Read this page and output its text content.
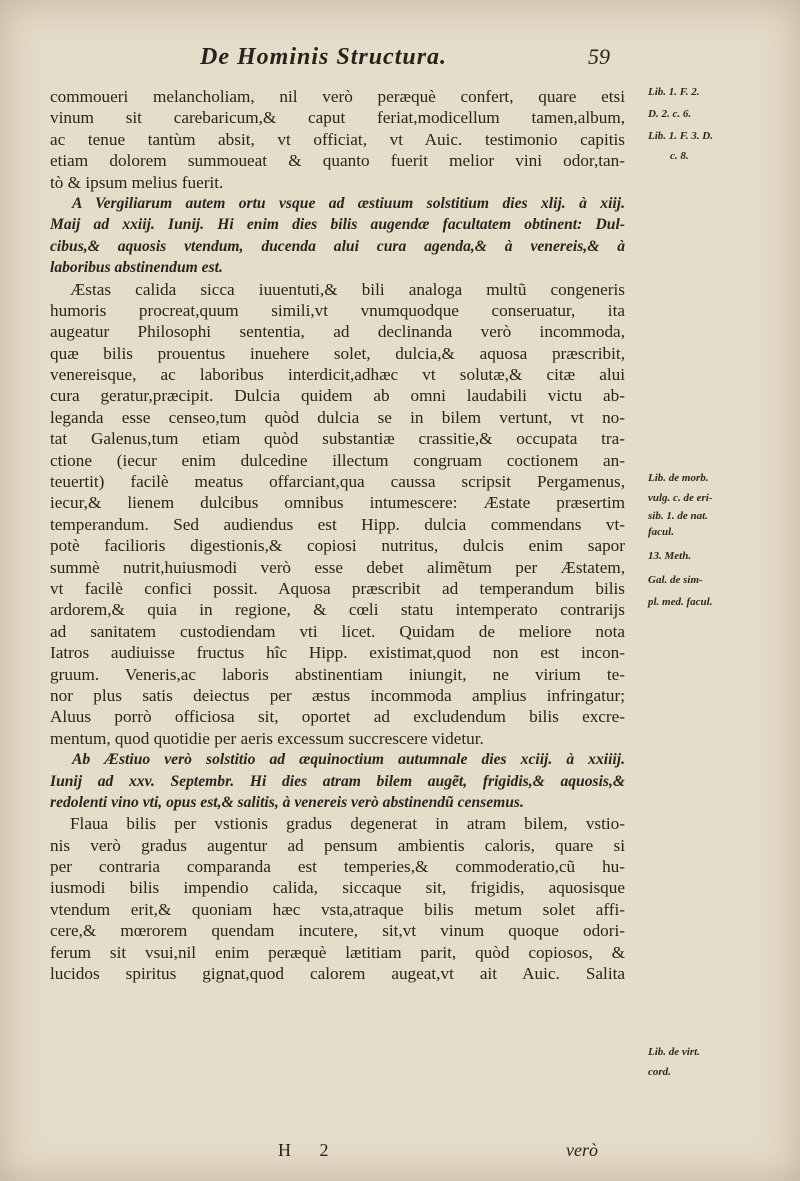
De Hominis Structura.	59
commoueri melancholiam, nil verò peræquè confert, quare etsi
vinum sit carebaricum,& caput feriat,modicellum tamen,album,
ac tenue tantùm absit, vt officiat, vt Auic. testimonio capitis
etiam dolorem summoueat & quanto fuerit melior vini odor,tan-
tò & ipsum melius fuerit.
A Vergiliarum autem ortu vsque ad æstiuum solstitium dies xlij. à xiij.
Maij ad xxiij. Iunij. Hi enim dies bilis augendæ facultatem obtinent: Dul-
cibus,& aquosis vtendum, ducenda alui cura agenda,& à venereis,& à
laboribus abstinendum est.
Æstas calida sicca iuuentuti,& bili analoga multũ congeneris
humoris procreat,quum simili,vt vnumquodque conseruatur, ita
augeatur Philosophi sententia, ad declinanda verò incommoda,
quæ bilis prouentus inuehere solet, dulcia,& aquosa præscribit,
venereisque, ac laboribus interdicit,adhæc vt solutæ,& citæ alui
cura geratur,præcipit. Dulcia quidem ab omni laudabili victu ab-
leganda esse censeo,tum quòd dulcia se in bilem vertunt, vt no-
tat Galenus,tum etiam quòd substantiæ crassitie,& occupata tra-
ctione (iecur enim dulcedine illectum congruam coctionem an-
teuertit) facilè meatus offarciant,qua caussa scripsit Pergamenus,
iecur,& lienem dulcibus omnibus intumescere: Æstate præsertim
temperandum. Sed audiendus est Hipp. dulcia commendans vt-
potè facilioris digestionis,& copiosi nutritus, dulcis enim sapor
summè nutrit,huiusmodi verò esse debet alimẽtum per Æstatem,
vt facilè confici possit. Aquosa præscribit ad temperandum bilis
ardorem,& quia in regione, & cœli statu intemperato contrarijs
ad sanitatem custodiendam vti licet. Quidam de meliore nota
Iatros audiuisse fructus hîc Hipp. existimat,quod non est incon-
gruum. Veneris,ac laboris abstinentiam iniungit, ne virium te-
nor plus satis deiectus per æstus incommoda amplius infringatur;
Aluus porrò officiosa sit, oportet ad excludendum bilis excre-
mentum, quod quotidie per aeris excessum succrescere videtur.
Ab Æstiuo verò solstitio ad æquinoctium autumnale dies xciij. à xxiiij.
Iunij ad xxv. Septembr. Hi dies atram bilem augẽt, frigidis,& aquosis,&
redolenti vino vti, opus est,& salitis, à venereis verò abstinendũ censemus.
Flaua bilis per vstionis gradus degenerat in atram bilem, vstio-
nis verò gradus augentur ad pensum ambientis caloris, quare si
per contraria comparanda est temperies,& commoderatio,cũ hu-
iusmodi bilis impendio calida, siccaque sit, frigidis, aquosisque
vtendum erit,& quoniam hæc vsta,atraque bilis metum solet affi-
cere,& mœrorem quendam incutere, sit,vt vinum quoque odori-
ferum sit vsui,nil enim peræquè lætitiam parit, quòd copiosos, &
lucidos spiritus gignat,quod calorem augeat,vt ait Auic. Salita
Lib. 1. F. 2.
D. 2. c. 6.
Lib. 1. F. 3. D.
c. 8.
Lib. de morb.
vulg. c. de eri-
sib. 1. de nat.
facul.
13. Meth.
Gal. de sim-
pl. med. facul.
Lib. de virt.
cord.
H 2	verò
